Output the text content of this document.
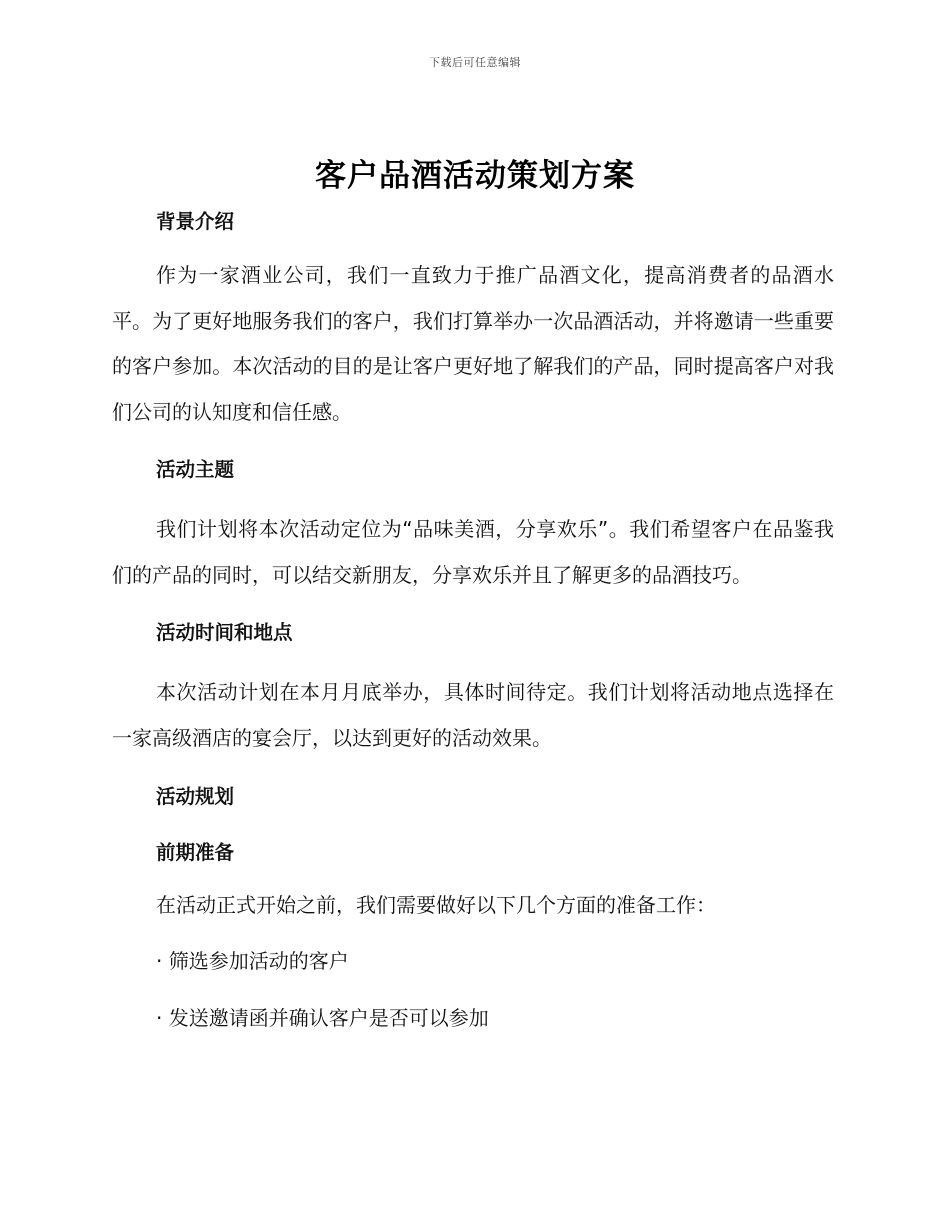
下载后可任意编辑
客户品酒活动策划方案
背景介绍

作为一家酒业公司，我们一直致力于推广品酒文化，提高消费者的品酒水平。为了更好地服务我们的客户，我们打算举办一次品酒活动，并将邀请一些重要的客户参加。本次活动的目的是让客户更好地了解我们的产品，同时提高客户对我们公司的认知度和信任感。

活动主题

我们计划将本次活动定位为“品味美酒，分享欢乐”。我们希望客户在品鉴我们的产品的同时，可以结交新朋友，分享欢乐并且了解更多的品酒技巧。

活动时间和地点

本次活动计划在本月月底举办，具体时间待定。我们计划将活动地点选择在一家高级酒店的宴会厅，以达到更好的活动效果。

活动规划
前期准备

在活动正式开始之前，我们需要做好以下几个方面的准备工作：

· 筛选参加活动的客户

· 发送邀请函并确认客户是否可以参加
